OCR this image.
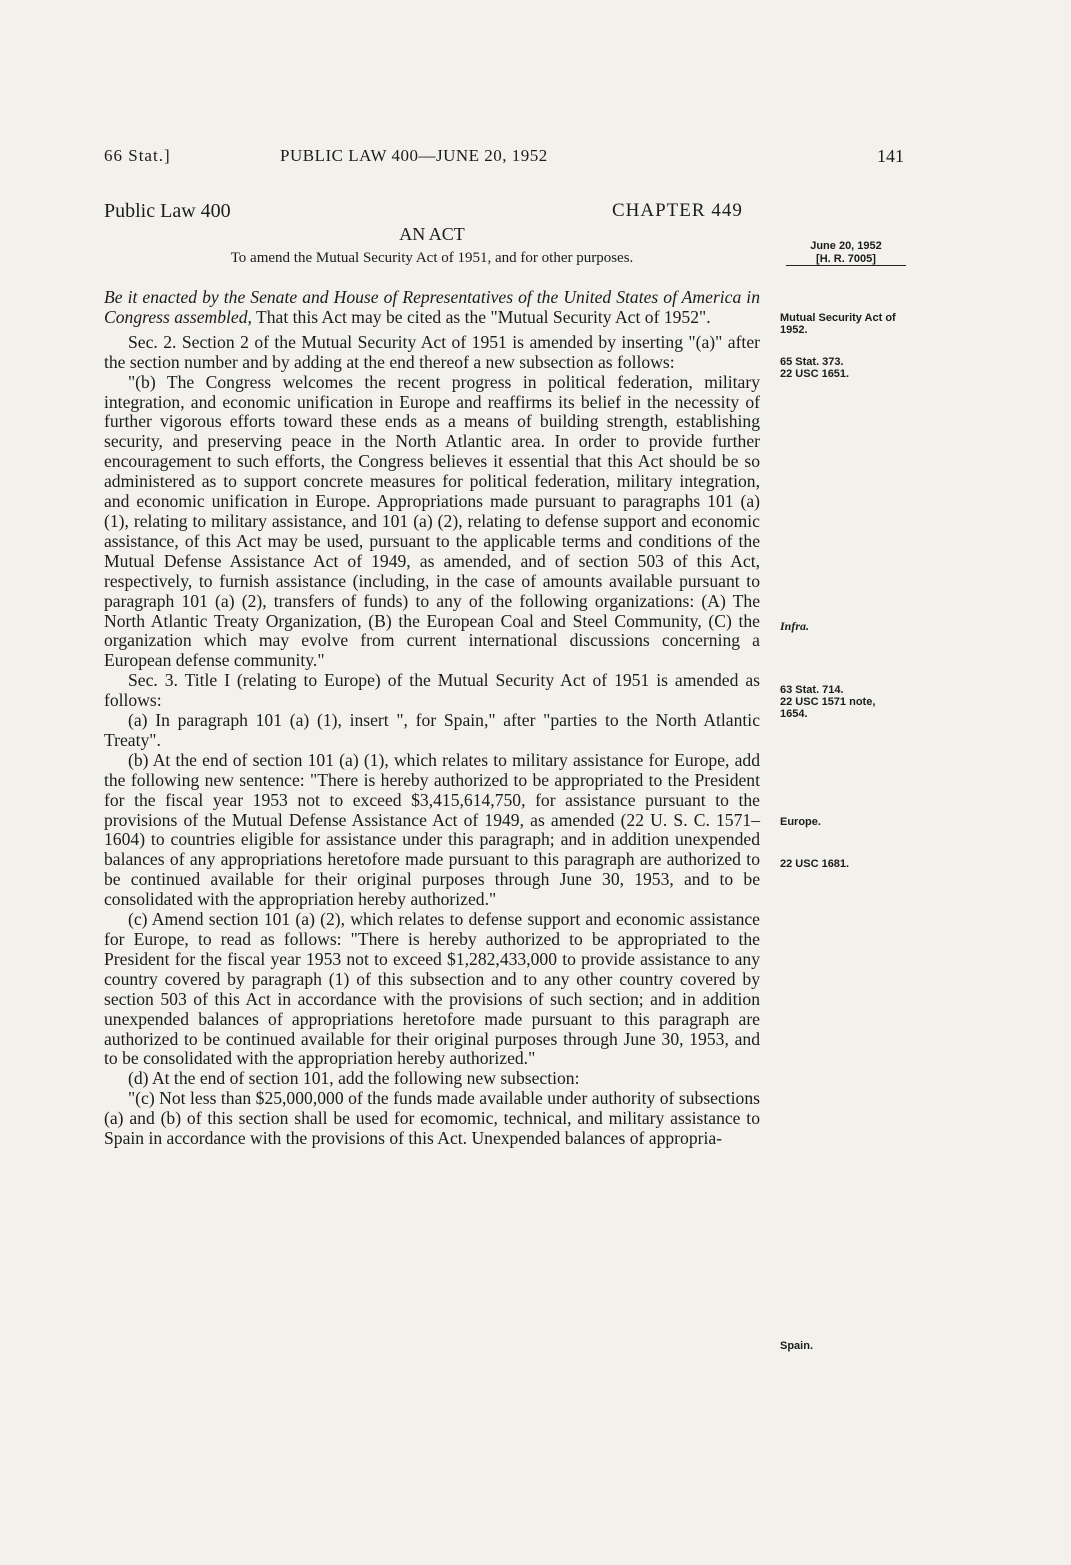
66 Stat.]	PUBLIC LAW 400—JUNE 20, 1952	141
Public Law 400	CHAPTER 449
AN ACT
To amend the Mutual Security Act of 1951, and for other purposes.
June 20, 1952
[H. R. 7005]

Be it enacted by the Senate and House of Representatives of the United States of America in Congress assembled, That this Act may be cited as the "Mutual Security Act of 1952".

Sec. 2. Section 2 of the Mutual Security Act of 1951 is amended by inserting "(a)" after the section number and by adding at the end thereof a new subsection as follows:

"(b) The Congress welcomes the recent progress in political federation, military integration, and economic unification in Europe and reaffirms its belief in the necessity of further vigorous efforts toward these ends as a means of building strength, establishing security, and preserving peace in the North Atlantic area. In order to provide further encouragement to such efforts, the Congress believes it essential that this Act should be so administered as to support concrete measures for political federation, military integration, and economic unification in Europe. Appropriations made pursuant to paragraphs 101 (a) (1), relating to military assistance, and 101 (a) (2), relating to defense support and economic assistance, of this Act may be used, pursuant to the applicable terms and conditions of the Mutual Defense Assistance Act of 1949, as amended, and of section 503 of this Act, respectively, to furnish assistance (including, in the case of amounts available pursuant to paragraph 101 (a) (2), transfers of funds) to any of the following organizations: (A) The North Atlantic Treaty Organization, (B) the European Coal and Steel Community, (C) the organization which may evolve from current international discussions concerning a European defense community."

Sec. 3. Title I (relating to Europe) of the Mutual Security Act of 1951 is amended as follows:

(a) In paragraph 101 (a) (1), insert ", for Spain," after "parties to the North Atlantic Treaty".

(b) At the end of section 101 (a) (1), which relates to military assistance for Europe, add the following new sentence: "There is hereby authorized to be appropriated to the President for the fiscal year 1953 not to exceed $3,415,614,750, for assistance pursuant to the provisions of the Mutual Defense Assistance Act of 1949, as amended (22 U. S. C. 1571–1604) to countries eligible for assistance under this paragraph; and in addition unexpended balances of any appropriations heretofore made pursuant to this paragraph are authorized to be continued available for their original purposes through June 30, 1953, and to be consolidated with the appropriation hereby authorized."

(c) Amend section 101 (a) (2), which relates to defense support and economic assistance for Europe, to read as follows: "There is hereby authorized to be appropriated to the President for the fiscal year 1953 not to exceed $1,282,433,000 to provide assistance to any country covered by paragraph (1) of this subsection and to any other country covered by section 503 of this Act in accordance with the provisions of such section; and in addition unexpended balances of appropriations heretofore made pursuant to this paragraph are authorized to be continued available for their original purposes through June 30, 1953, and to be consolidated with the appropriation hereby authorized."

(d) At the end of section 101, add the following new subsection:

"(c) Not less than $25,000,000 of the funds made available under authority of subsections (a) and (b) of this section shall be used for ecomomic, technical, and military assistance to Spain in accordance with the provisions of this Act. Unexpended balances of appropria-

Mutual Security Act of 1952.
65 Stat. 373.
22 USC 1651.
Infra.
63 Stat. 714.
22 USC 1571 note, 1654.
Europe.
22 USC 1681.
Spain.
